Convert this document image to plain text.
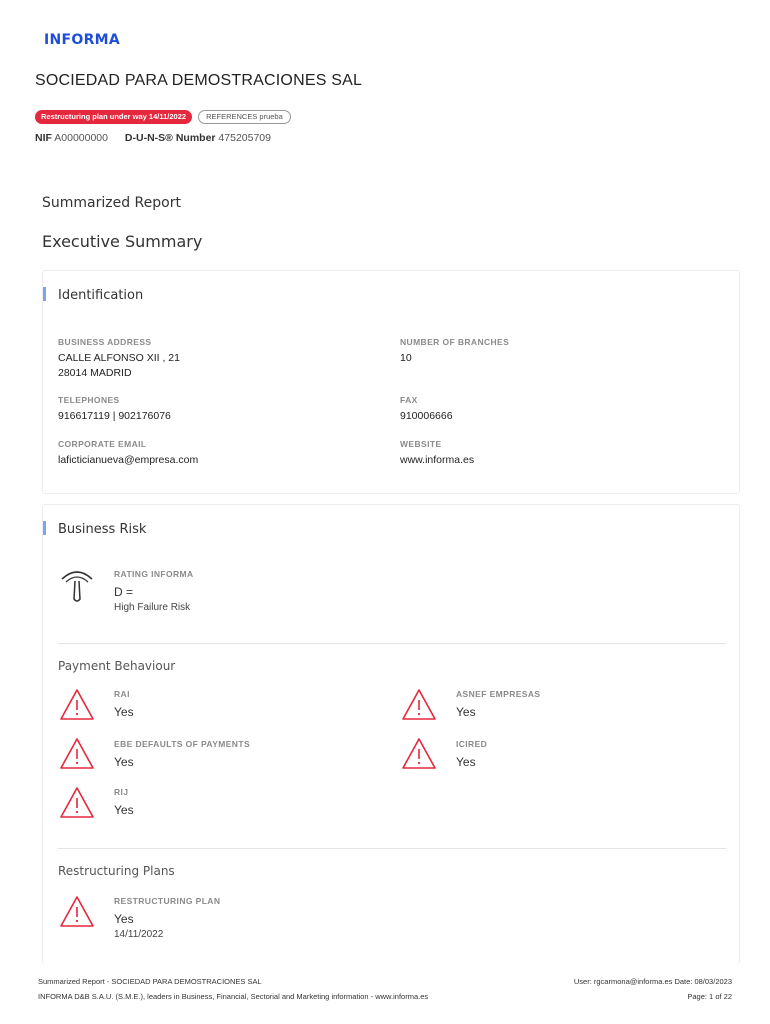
INFORMA
SOCIEDAD PARA DEMOSTRACIONES SAL
Restructuring plan under way 14/11/2022	REFERENCES prueba
NIF A00000000 D-U-N-S® Number 475205709
Summarized Report
Executive Summary
Identification
BUSINESS ADDRESS
CALLE ALFONSO XII , 21
28014 MADRID
NUMBER OF BRANCHES
10
TELEPHONES
916617119 | 902176076
FAX
910006666
CORPORATE EMAIL
laficticianueva@empresa.com
WEBSITE
www.informa.es
Business Risk
RATING INFORMA
D =
High Failure Risk
Payment Behaviour
RAI
Yes
ASNEF EMPRESAS
Yes
EBE DEFAULTS OF PAYMENTS
Yes
ICIRED
Yes
RIJ
Yes
Restructuring Plans
RESTRUCTURING PLAN
Yes
14/11/2022
Summarized Report - SOCIEDAD PARA DEMOSTRACIONES SAL
INFORMA D&B S.A.U. (S.M.E.), leaders in Business, Financial, Sectorial and Marketing information - www.informa.es
User: rgcarmona@informa.es Date: 08/03/2023
Page: 1 of 22
